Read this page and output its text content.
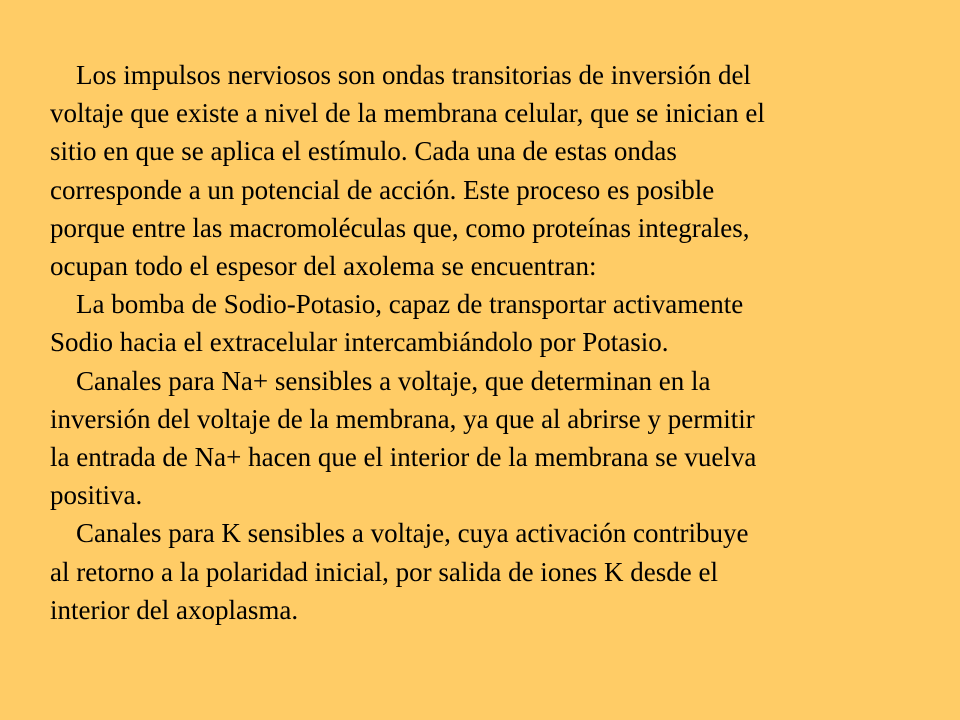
Los impulsos nerviosos son ondas transitorias de inversión del
voltaje que existe a nivel de la membrana celular, que se inician el
sitio en que se aplica el estímulo. Cada una de estas ondas
corresponde a un potencial de acción. Este proceso es posible
porque entre las macromoléculas que, como proteínas integrales,
ocupan todo el espesor del axolema se encuentran:

La bomba de Sodio-Potasio, capaz de transportar activamente
Sodio hacia el extracelular intercambiándolo por Potasio.

Canales para Na+ sensibles a voltaje, que determinan en la
inversión del voltaje de la membrana, ya que al abrirse y permitir
la entrada de Na+ hacen que el interior de la membrana se vuelva
positiva.

Canales para K sensibles a voltaje, cuya activación contribuye
al retorno a la polaridad inicial, por salida de iones K desde el
interior del axoplasma.
